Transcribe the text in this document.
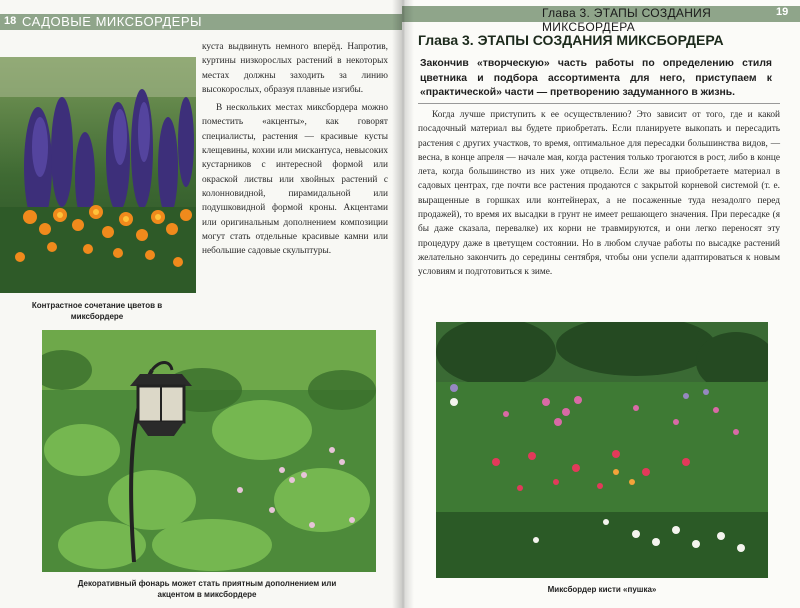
18 САДОВЫЕ МИКСБОРДЕРЫ
Контрастное сочетание цветов в миксбордере

куста выдвинуть немного вперёд. Напротив, куртины низкорослых растений в некоторых местах должны заходить за линию высокорослых, образуя плавные изгибы.

В нескольких местах миксбордера можно поместить «акценты», как говорят специалисты, растения — красивые кусты клещевины, кохии или мискантуса, невысоких кустарников с интересной формой или окраской листвы или хвойных растений с колонновидной, пирамидальной или подушковидной формой кроны. Акцентами или оригинальным дополнением композиции могут стать отдельные красивые камни или небольшие садовые скульптуры.

Декоративный фонарь может стать приятным дополнением или акцентом в миксбордере
Глава 3. ЭТАПЫ СОЗДАНИЯ МИКСБОРДЕРА
19
Глава 3. ЭТАПЫ СОЗДАНИЯ МИКСБОРДЕРА
Закончив «творческую» часть работы по определению стиля цветника и подбора ассортимента для него, приступаем к «практической» части — претворению задуманного в жизнь.

Когда лучше приступить к ее осуществлению? Это зависит от того, где и какой посадочный материал вы будете приобретать. Если планируете выкопать и пересадить растения с других участков, то время, оптимальное для пересадки большинства видов, — весна, в конце апреля — начале мая, когда растения только трогаются в рост, либо в конце лета, когда большинство из них уже отцвело. Если же вы приобретаете материал в садовых центрах, где почти все растения продаются с закрытой корневой системой (т. е. выращенные в горшках или контейнерах, а не посаженные туда незадолго перед продажей), то время их высадки в грунт не имеет решающего значения. При пересадке (я бы даже сказала, перевалке) их корни не травмируются, и они легко переносят эту процедуру даже в цветущем состоянии. Но в любом случае работы по высадке растений желательно закончить до середины сентября, чтобы они успели адаптироваться к новым условиям и подготовиться к зиме.

Миксбордер кисти «пушка»
